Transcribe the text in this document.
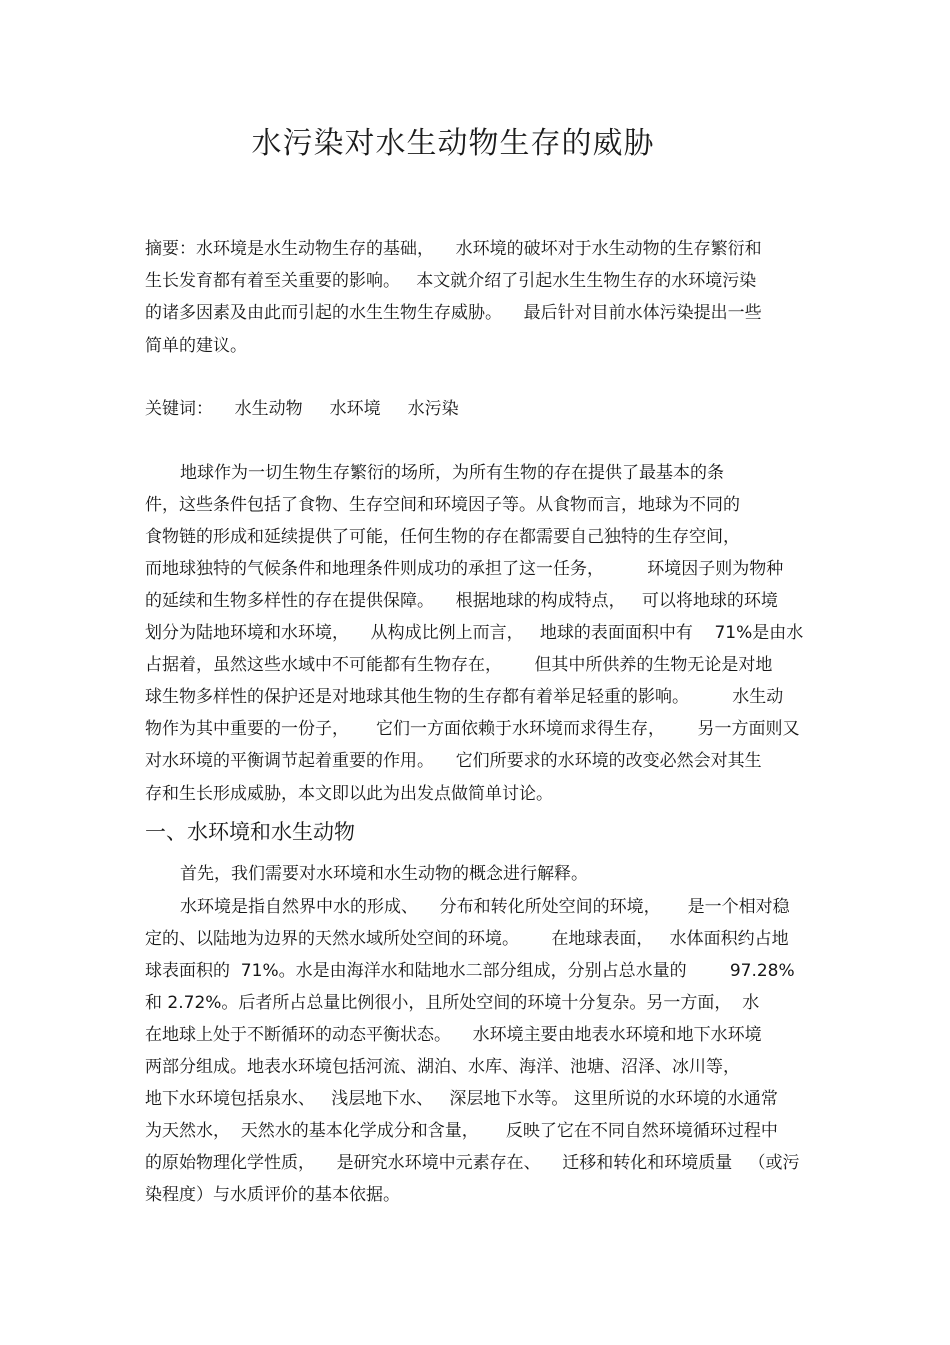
水污染对水生动物生存的威胁
摘要：水环境是水生动物生存的基础，    水环境的破坏对于水生动物的生存繁衍和
生长发育都有着至关重要的影响。   本文就介绍了引起水生生物生存的水环境污染
的诸多因素及由此而引起的水生生物生存威胁。    最后针对目前水体污染提出一些
简单的建议。
关键词：    水生动物     水环境     水污染
地球作为一切生物生存繁衍的场所，为所有生物的存在提供了最基本的条
件，这些条件包括了食物、生存空间和环境因子等。从食物而言，地球为不同的
食物链的形成和延续提供了可能，任何生物的存在都需要自己独特的生存空间，
而地球独特的气候条件和地理条件则成功的承担了这一任务，        环境因子则为物种
的延续和生物多样性的存在提供保障。    根据地球的构成特点，   可以将地球的环境
划分为陆地环境和水环境，    从构成比例上而言，   地球的表面面积中有    71%是由水
占据着，虽然这些水域中不可能都有生物存在，      但其中所供养的生物无论是对地
球生物多样性的保护还是对地球其他生物的生存都有着举足轻重的影响。        水生动
物作为其中重要的一份子，     它们一方面依赖于水环境而求得生存，      另一方面则又
对水环境的平衡调节起着重要的作用。    它们所要求的水环境的改变必然会对其生
存和生长形成威胁，本文即以此为出发点做简单讨论。
一、水环境和水生动物
首先，我们需要对水环境和水生动物的概念进行解释。
水环境是指自然界中水的形成、    分布和转化所处空间的环境，     是一个相对稳
定的、以陆地为边界的天然水域所处空间的环境。      在地球表面，   水体面积约占地
球表面积的  71%。水是由海洋水和陆地水二部分组成，分别占总水量的        97.28%
和 2.72%。后者所占总量比例很小，且所处空间的环境十分复杂。另一方面，  水
在地球上处于不断循环的动态平衡状态。    水环境主要由地表水环境和地下水环境
两部分组成。地表水环境包括河流、湖泊、水库、海洋、池塘、沼泽、冰川等，
地下水环境包括泉水、   浅层地下水、   深层地下水等。 这里所说的水环境的水通常
为天然水，  天然水的基本化学成分和含量，     反映了它在不同自然环境循环过程中
的原始物理化学性质，    是研究水环境中元素存在、    迁移和转化和环境质量   （或污
染程度）与水质评价的基本依据。
